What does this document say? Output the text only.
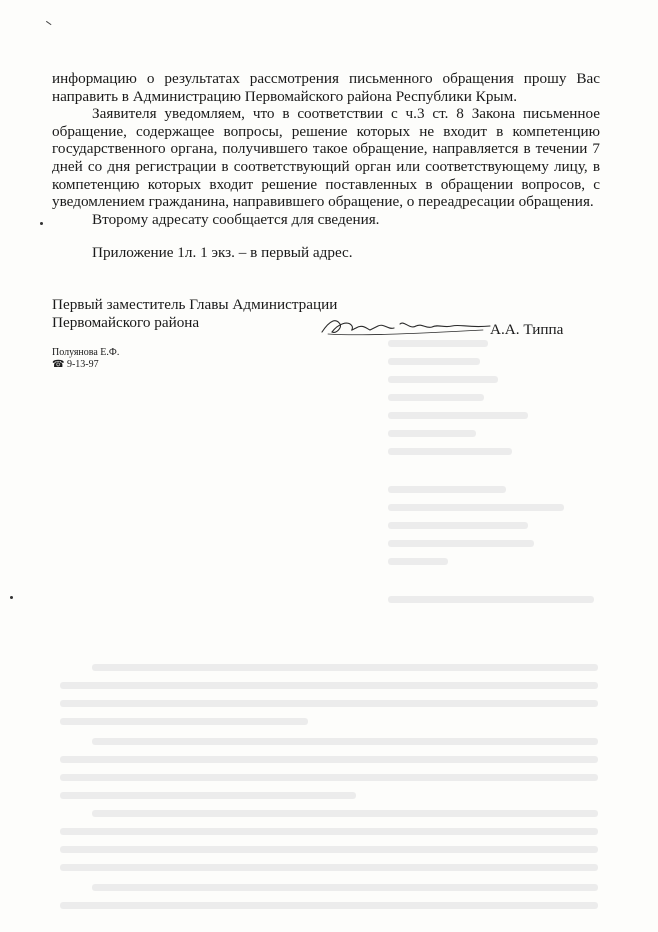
информацию о результатах рассмотрения письменного обращения прошу Вас направить в Администрацию Первомайского района Республики Крым.

Заявителя уведомляем, что в соответствии с ч.3 ст. 8 Закона письменное обращение, содержащее вопросы, решение которых не входит в компетенцию государственного органа, получившего такое обращение, направляется в течении 7 дней со дня регистрации в соответствующий орган или соответствующему лицу, в компетенцию которых входит решение поставленных в обращении вопросов, с уведомлением гражданина, направившего обращение, о переадресации обращения.

Второму адресату сообщается для сведения.

Приложение 1л. 1 экз. – в первый адрес.

Первый заместитель Главы Администрации
Первомайского района	А.А. Типпа
Полуянова Е.Ф.
☎ 9-13-97
